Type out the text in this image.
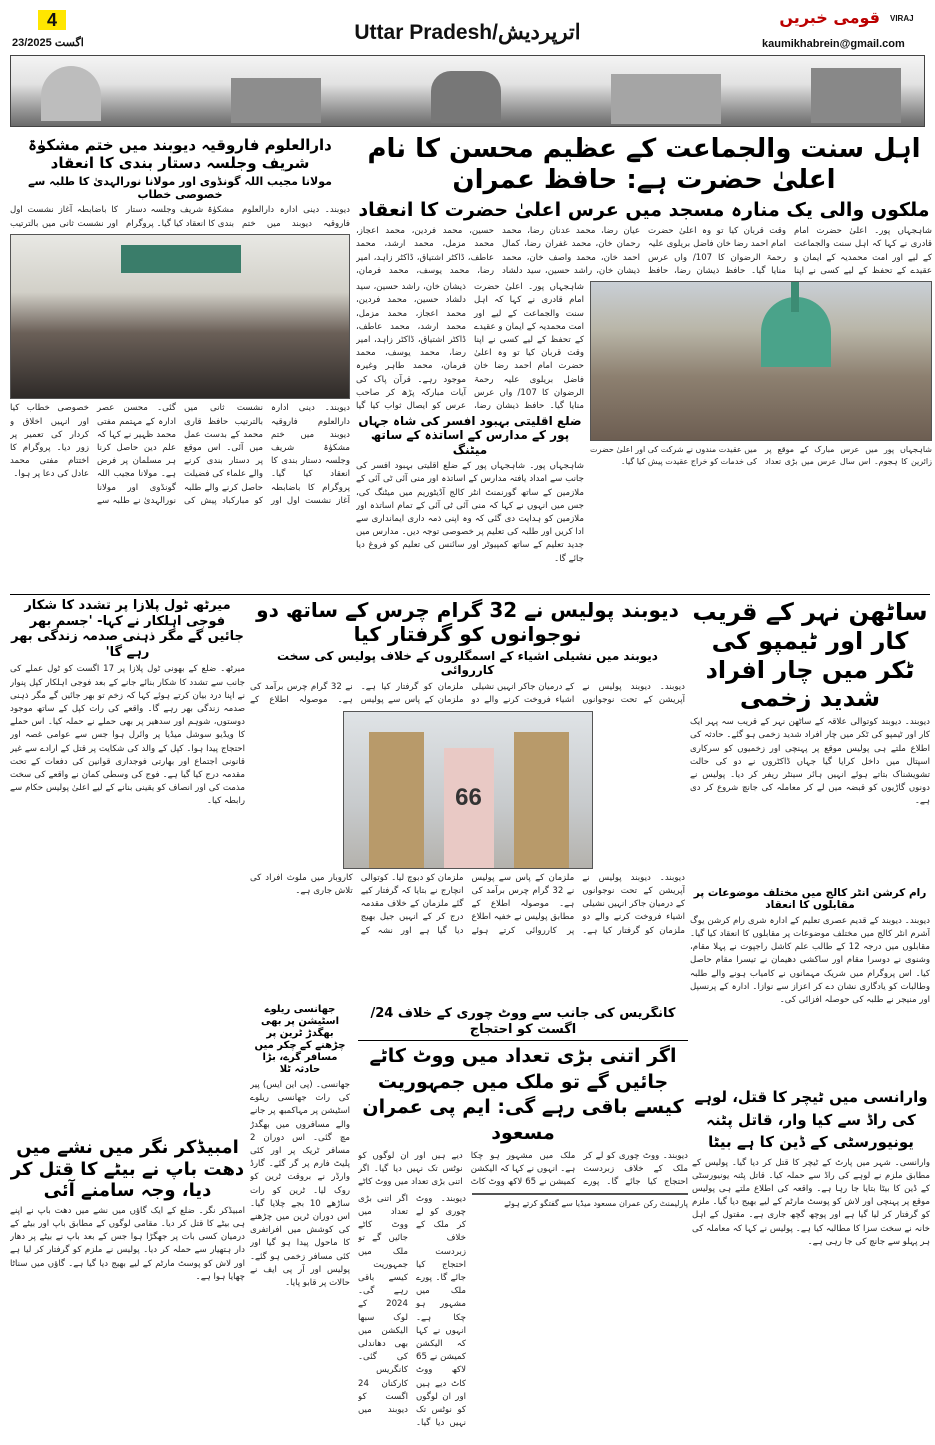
4
23/اگست 2025	Uttar Pradesh/اترپردیش
قومی خبریں VIRAJ
kaumikhabrein@gmail.com
اہل سنت والجماعت کے عظیم محسن کا نام اعلیٰ حضرت ہے: حافظ عمران
ملکوں والی یک منارہ مسجد میں عرس اعلیٰ حضرت کا انعقاد
شاہجہاں پور۔ اعلیٰ حضرت امام قادری نے کہا کہ اہل سنت والجماعت کے لیے اور امت محمدیہ کے ایمان و عقیدے کے تحفظ کے لیے کسی نے اپنا وقت قربان کیا تو وہ اعلیٰ حضرت امام احمد رضا خان فاضل بریلوی علیہ رحمۃ الرضوان کا 107/ واں عرس منایا گیا۔ حافظ ذیشان رضا، حافظ عیان رضا، محمد عدنان رضا، محمد رحمان خان، محمد غفران رضا، کمال احمد خان، محمد واصف خان، محمد ذیشان خان، راشد حسین، سید دلشاد حسین، محمد فردین، محمد اعجاز، محمد مزمل، محمد ارشد، محمد عاطف، ڈاکٹر اشتیاق، ڈاکٹر زاہد، امیر رضا، محمد یوسف، محمد فرمان،
شاہجہاں پور۔ اعلیٰ حضرت امام قادری نے کہا کہ اہل سنت والجماعت کے لیے اور امت محمدیہ کے ایمان و عقیدے کے تحفظ کے لیے کسی نے اپنا وقت قربان کیا تو وہ اعلیٰ حضرت امام احمد رضا خان فاضل بریلوی علیہ رحمۃ الرضوان کا 107/ واں عرس منایا گیا۔ حافظ ذیشان رضا، ذیشان خان، راشد حسین، سید دلشاد حسین، محمد فردین، محمد اعجاز، محمد مزمل، محمد ارشد، محمد عاطف، ڈاکٹر اشتیاق، ڈاکٹر زاہد، امیر رضا، محمد یوسف، محمد فرمان، محمد طاہر وغیرہ موجود رہے۔ قرآن پاک کی آیات مبارکہ پڑھ کر صاحب عرس کو ایصال ثواب کیا گیا
ضلع اقلیتی بہبود افسر کی شاہ جہاں پور کے مدارس کے اساتذہ کے ساتھ میٹنگ
شاہجہاں پور۔ شاہجہاں پور کے ضلع اقلیتی بہبود افسر کی جانب سے امداد یافتہ مدارس کے اساتذہ اور منی آئی ٹی آئی کے ملازمین کے ساتھ گورنمنٹ انٹر کالج آڈیٹوریم میں میٹنگ کی، جس میں انہوں نے کہا کہ منی آئی ٹی آئی کے تمام اساتذہ اور ملازمین کو ہدایت دی گئی کہ وہ اپنی ذمہ داری ایمانداری سے ادا کریں اور طلبہ کی تعلیم پر خصوصی توجہ دیں۔ مدارس میں جدید تعلیم کے ساتھ کمپیوٹر اور سائنس کی تعلیم کو فروغ دیا جائے گا۔
شاہجہاں پور میں عرس مبارک کے موقع پر زائرین کا ہجوم۔ اس سال عرس میں بڑی تعداد میں عقیدت مندوں نے شرکت کی اور اعلیٰ حضرت کی خدمات کو خراج عقیدت پیش کیا گیا۔
دارالعلوم فاروقیہ دیوبند میں ختم مشکوٰۃ شریف وجلسہ دستار بندی کا انعقاد
مولانا مجیب اللہ گونڈوی اور مولانا نورالہدیٰ کا طلبہ سے خصوصی خطاب
دیوبند۔ دینی ادارہ دارالعلوم فاروقیہ دیوبند میں ختم مشکوٰۃ شریف وجلسہ دستار بندی کا انعقاد کیا گیا۔ پروگرام کا باضابطہ آغاز نشست اول اور نشست ثانی میں بالترتیب
دیوبند۔ دینی ادارہ دارالعلوم فاروقیہ دیوبند میں ختم مشکوٰۃ شریف وجلسہ دستار بندی کا انعقاد کیا گیا۔ پروگرام کا باضابطہ آغاز نشست اول اور نشست ثانی میں بالترتیب حافظ قاری محمد کے بدست عمل میں آئی۔ اس موقع پر دستار بندی کرنے والے علماء کی فضیلت حاصل کرنے والے طلبہ کو مبارکباد پیش کی گئی۔ محسن عصر ادارہ کے مہتمم مفتی محمد ظہیر نے کہا کہ علم دین حاصل کرنا ہر مسلمان پر فرض ہے۔ مولانا مجیب اللہ گونڈوی اور مولانا نورالہدیٰ نے طلبہ سے خصوصی خطاب کیا اور انہیں اخلاق و کردار کی تعمیر پر زور دیا۔ پروگرام کا اختتام مفتی محمد عادل کی دعا پر ہوا۔
ساٹھن نہر کے قریب کار اور ٹیمپو کی ٹکر میں چار افراد شدید زخمی
دیوبند۔ دیوبند کوتوالی علاقہ کے ساٹھن نہر کے قریب سہ پہر ایک کار اور ٹیمپو کی ٹکر میں چار افراد شدید زخمی ہو گئے۔ حادثہ کی اطلاع ملتے ہی پولیس موقع پر پہنچی اور زخمیوں کو سرکاری اسپتال میں داخل کرایا گیا جہاں ڈاکٹروں نے دو کی حالت تشویشناک بتاتے ہوئے انہیں ہائر سینٹر ریفر کر دیا۔ پولیس نے دونوں گاڑیوں کو قبضہ میں لے کر معاملہ کی جانچ شروع کر دی ہے۔
رام کرشن انٹر کالج میں مختلف موضوعات پر مقابلوں کا انعقاد
دیوبند۔ دیوبند کے قدیم عصری تعلیم کے ادارہ شری رام کرشن یوگ آشرم انٹر کالج میں مختلف موضوعات پر مقابلوں کا انعقاد کیا گیا۔ مقابلوں میں درجہ 12 کے طالب علم کاشل راجپوت نے پہلا مقام، وشنوی نے دوسرا مقام اور ساکشی دھیمان نے تیسرا مقام حاصل کیا۔ اس پروگرام میں شریک مہمانوں نے کامیاب ہونے والے طلبہ وطالبات کو یادگاری نشان دے کر اعزاز سے نوازا۔ ادارہ کے پرنسپل اور منیجر نے طلبہ کی حوصلہ افزائی کی۔
دیوبند پولیس نے 32 گرام چرس کے ساتھ دو نوجوانوں کو گرفتار کیا
دیوبند میں نشیلی اشیاء کے اسمگلروں کے خلاف پولیس کی سخت کارروائی
دیوبند۔ دیوبند پولیس نے آپریشن کے تحت نوجوانوں کے درمیان جاکر انہیں نشیلی اشیاء فروخت کرنے والے دو ملزمان کو گرفتار کیا ہے۔ ملزمان کے پاس سے پولیس نے 32 گرام چرس برآمد کی ہے۔ موصولہ اطلاع کے
66
دیوبند۔ دیوبند پولیس نے آپریشن کے تحت نوجوانوں کے درمیان جاکر انہیں نشیلی اشیاء فروخت کرنے والے دو ملزمان کو گرفتار کیا ہے۔ ملزمان کے پاس سے پولیس نے 32 گرام چرس برآمد کی ہے۔ موصولہ اطلاع کے مطابق پولیس نے خفیہ اطلاع پر کارروائی کرتے ہوئے ملزمان کو دبوچ لیا۔ کوتوالی انچارج نے بتایا کہ گرفتار کیے گئے ملزمان کے خلاف مقدمہ درج کر کے انہیں جیل بھیج دیا گیا ہے اور نشہ کے کاروبار میں ملوث افراد کی تلاش جاری ہے۔
میرٹھ ٹول پلازا پر تشدد کا شکار فوجی اہلکار نے کہا- 'جسم بھر جائیں گے مگر ذہنی صدمہ زندگی بھر رہے گا'
میرٹھ۔ ضلع کے بھونی ٹول پلازا پر 17 اگست کو ٹول عملے کی جانب سے تشدد کا شکار بنائے جانے کے بعد فوجی اہلکار کپل پنوار نے اپنا درد بیان کرتے ہوئے کہا کہ زخم تو بھر جائیں گے مگر ذہنی صدمہ زندگی بھر رہے گا۔ واقعے کی رات کپل کے ساتھ موجود دوستوں، شوہم اور سدھیر پر بھی حملے نے حملہ کیا۔ اس حملے کا ویڈیو سوشل میڈیا پر وائرل ہوا جس سے عوامی غصہ اور احتجاج پیدا ہوا۔ کپل کے والد کی شکایت پر قتل کے ارادے سے غیر قانونی اجتماع اور بھارتی فوجداری قوانین کی دفعات کے تحت مقدمہ درج کیا گیا ہے۔ فوج کی وسطی کمان نے واقعے کی سخت مذمت کی اور انصاف کو یقینی بنانے کے لیے اعلیٰ پولیس حکام سے رابطہ کیا۔
امبیڈکر نگر میں نشے میں دھت باپ نے بیٹے کا قتل کر دیا، وجہ سامنے آئی
امبیڈکر نگر۔ ضلع کے ایک گاؤں میں نشے میں دھت باپ نے اپنے ہی بیٹے کا قتل کر دیا۔ مقامی لوگوں کے مطابق باپ اور بیٹے کے درمیان کسی بات پر جھگڑا ہوا جس کے بعد باپ نے بیٹے پر دھار دار ہتھیار سے حملہ کر دیا۔ پولیس نے ملزم کو گرفتار کر لیا ہے اور لاش کو پوسٹ مارٹم کے لیے بھیج دیا گیا ہے۔ گاؤں میں سناٹا چھایا ہوا ہے۔
جھانسی ریلوے اسٹیشن پر بھی بھگدڑ ٹرین پر چڑھنے کے چکر میں مسافر گرے، بڑا حادثہ ٹلا
جھانسی۔ (پی این ایس) پیر کی رات جھانسی ریلوے اسٹیشن پر مہاکمبھ پر جانے والے مسافروں میں بھگدڑ مچ گئی۔ اس دوران 2 مسافر ٹریک پر اور کئی پلیٹ فارم پر گر گئے۔ گارڈ وارڈر نے بروقت ٹرین کو روک لیا۔ ٹرین کو رات ساڑھے 10 بجے چلایا گیا۔ اس دوران ٹرین میں چڑھنے کی کوشش میں افراتفری کا ماحول پیدا ہو گیا اور کئی مسافر زخمی ہو گئے۔ پولیس اور آر پی ایف نے حالات پر قابو پایا۔
کانگریس کی جانب سے ووٹ چوری کے خلاف 24/اگست کو احتجاج
اگر اتنی بڑی تعداد میں ووٹ کاٹے جائیں گے تو ملک میں جمہوریت کیسے باقی رہے گی: ایم پی عمران مسعود
دیوبند۔ ووٹ چوری کو لے کر ملک کے خلاف زبردست احتجاج کیا جائے گا۔ پورے ملک میں مشہور ہو چکا ہے۔ انہوں نے کہا کہ الیکشن کمیشن نے 65 لاکھ ووٹ کاٹ دیے ہیں اور ان لوگوں کو نوٹس تک نہیں دیا گیا۔ اگر اتنی بڑی تعداد میں ووٹ کاٹے
دیوبند۔ ووٹ چوری کو لے کر ملک کے خلاف زبردست احتجاج کیا جائے گا۔ پورے ملک میں مشہور ہو چکا ہے۔ انہوں نے کہا کہ الیکشن کمیشن نے 65 لاکھ ووٹ کاٹ دیے ہیں اور ان لوگوں کو نوٹس تک نہیں دیا گیا۔ اگر اتنی بڑی تعداد میں ووٹ کاٹے جائیں گے تو ملک میں جمہوریت کیسے باقی رہے گی۔ 2024 کے لوک سبھا الیکشن میں بھی دھاندلی کی گئی۔ کانگریس کارکنان 24 اگست کو دیوبند میں
پارلیمنٹ رکن عمران مسعود میڈیا سے گفتگو کرتے ہوئے
وارانسی میں ٹیچر کا قتل، لوہے کی راڈ سے کیا وار، قاتل پٹنہ یونیورسٹی کے ڈین کا ہے بیٹا
وارانسی۔ شہر میں پارٹ کے ٹیچر کا قتل کر دیا گیا۔ پولیس کے مطابق ملزم نے لوہے کی راڈ سے حملہ کیا۔ قاتل پٹنہ یونیورسٹی کے ڈین کا بیٹا بتایا جا رہا ہے۔ واقعہ کی اطلاع ملتے ہی پولیس موقع پر پہنچی اور لاش کو پوسٹ مارٹم کے لیے بھیج دیا گیا۔ ملزم کو گرفتار کر لیا گیا ہے اور پوچھ گچھ جاری ہے۔ مقتول کے اہل خانہ نے سخت سزا کا مطالبہ کیا ہے۔ پولیس نے کہا کہ معاملہ کی ہر پہلو سے جانچ کی جا رہی ہے۔
